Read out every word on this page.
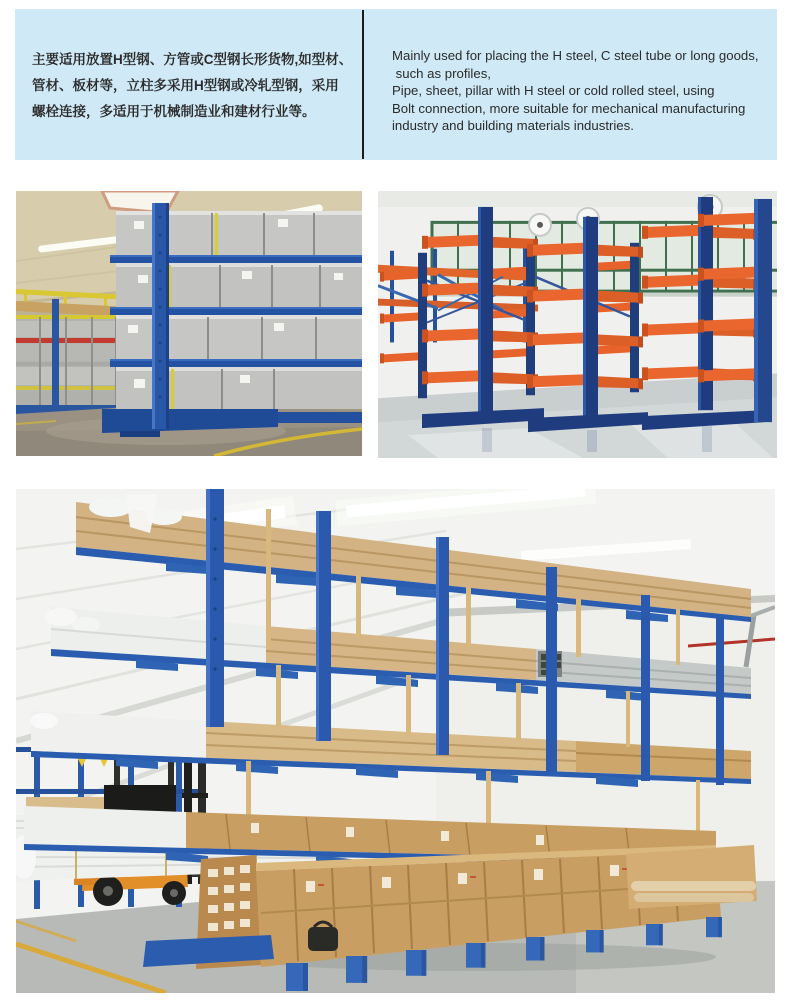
主要适用放置H型钢、方管或C型钢长形货物,如型材、
管材、板材等，立柱多采用H型钢或冷轧型钢，采用
螺栓连接，多适用于机械制造业和建材行业等。
Mainly used for placing the H steel, C steel tube or long goods,
such as profiles,
Pipe, sheet, pillar with H steel or cold rolled steel, using
Bolt connection, more suitable for mechanical manufacturing
industry and building materials industries.
